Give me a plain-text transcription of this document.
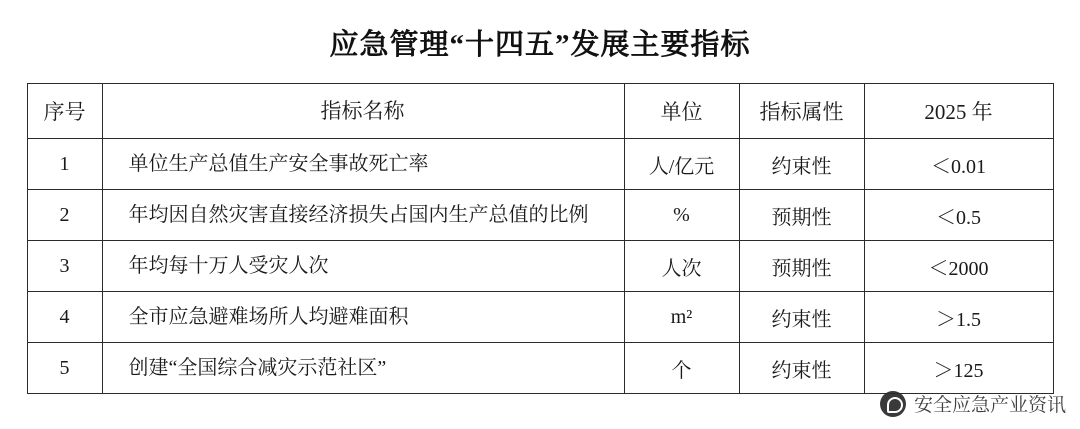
应急管理“十四五”发展主要指标
序号	指标名称	单位	指标属性	2025 年
1	单位生产总值生产安全事故死亡率	人/亿元	约束性	＜0.01
2	年均因自然灾害直接经济损失占国内生产总值的比例	%	预期性	＜0.5
3	年均每十万人受灾人次	人次	预期性	＜2000
4	全市应急避难场所人均避难面积	m²	约束性	＞1.5
5	创建“全国综合减灾示范社区”	个	约束性	＞125
安全应急产业资讯
